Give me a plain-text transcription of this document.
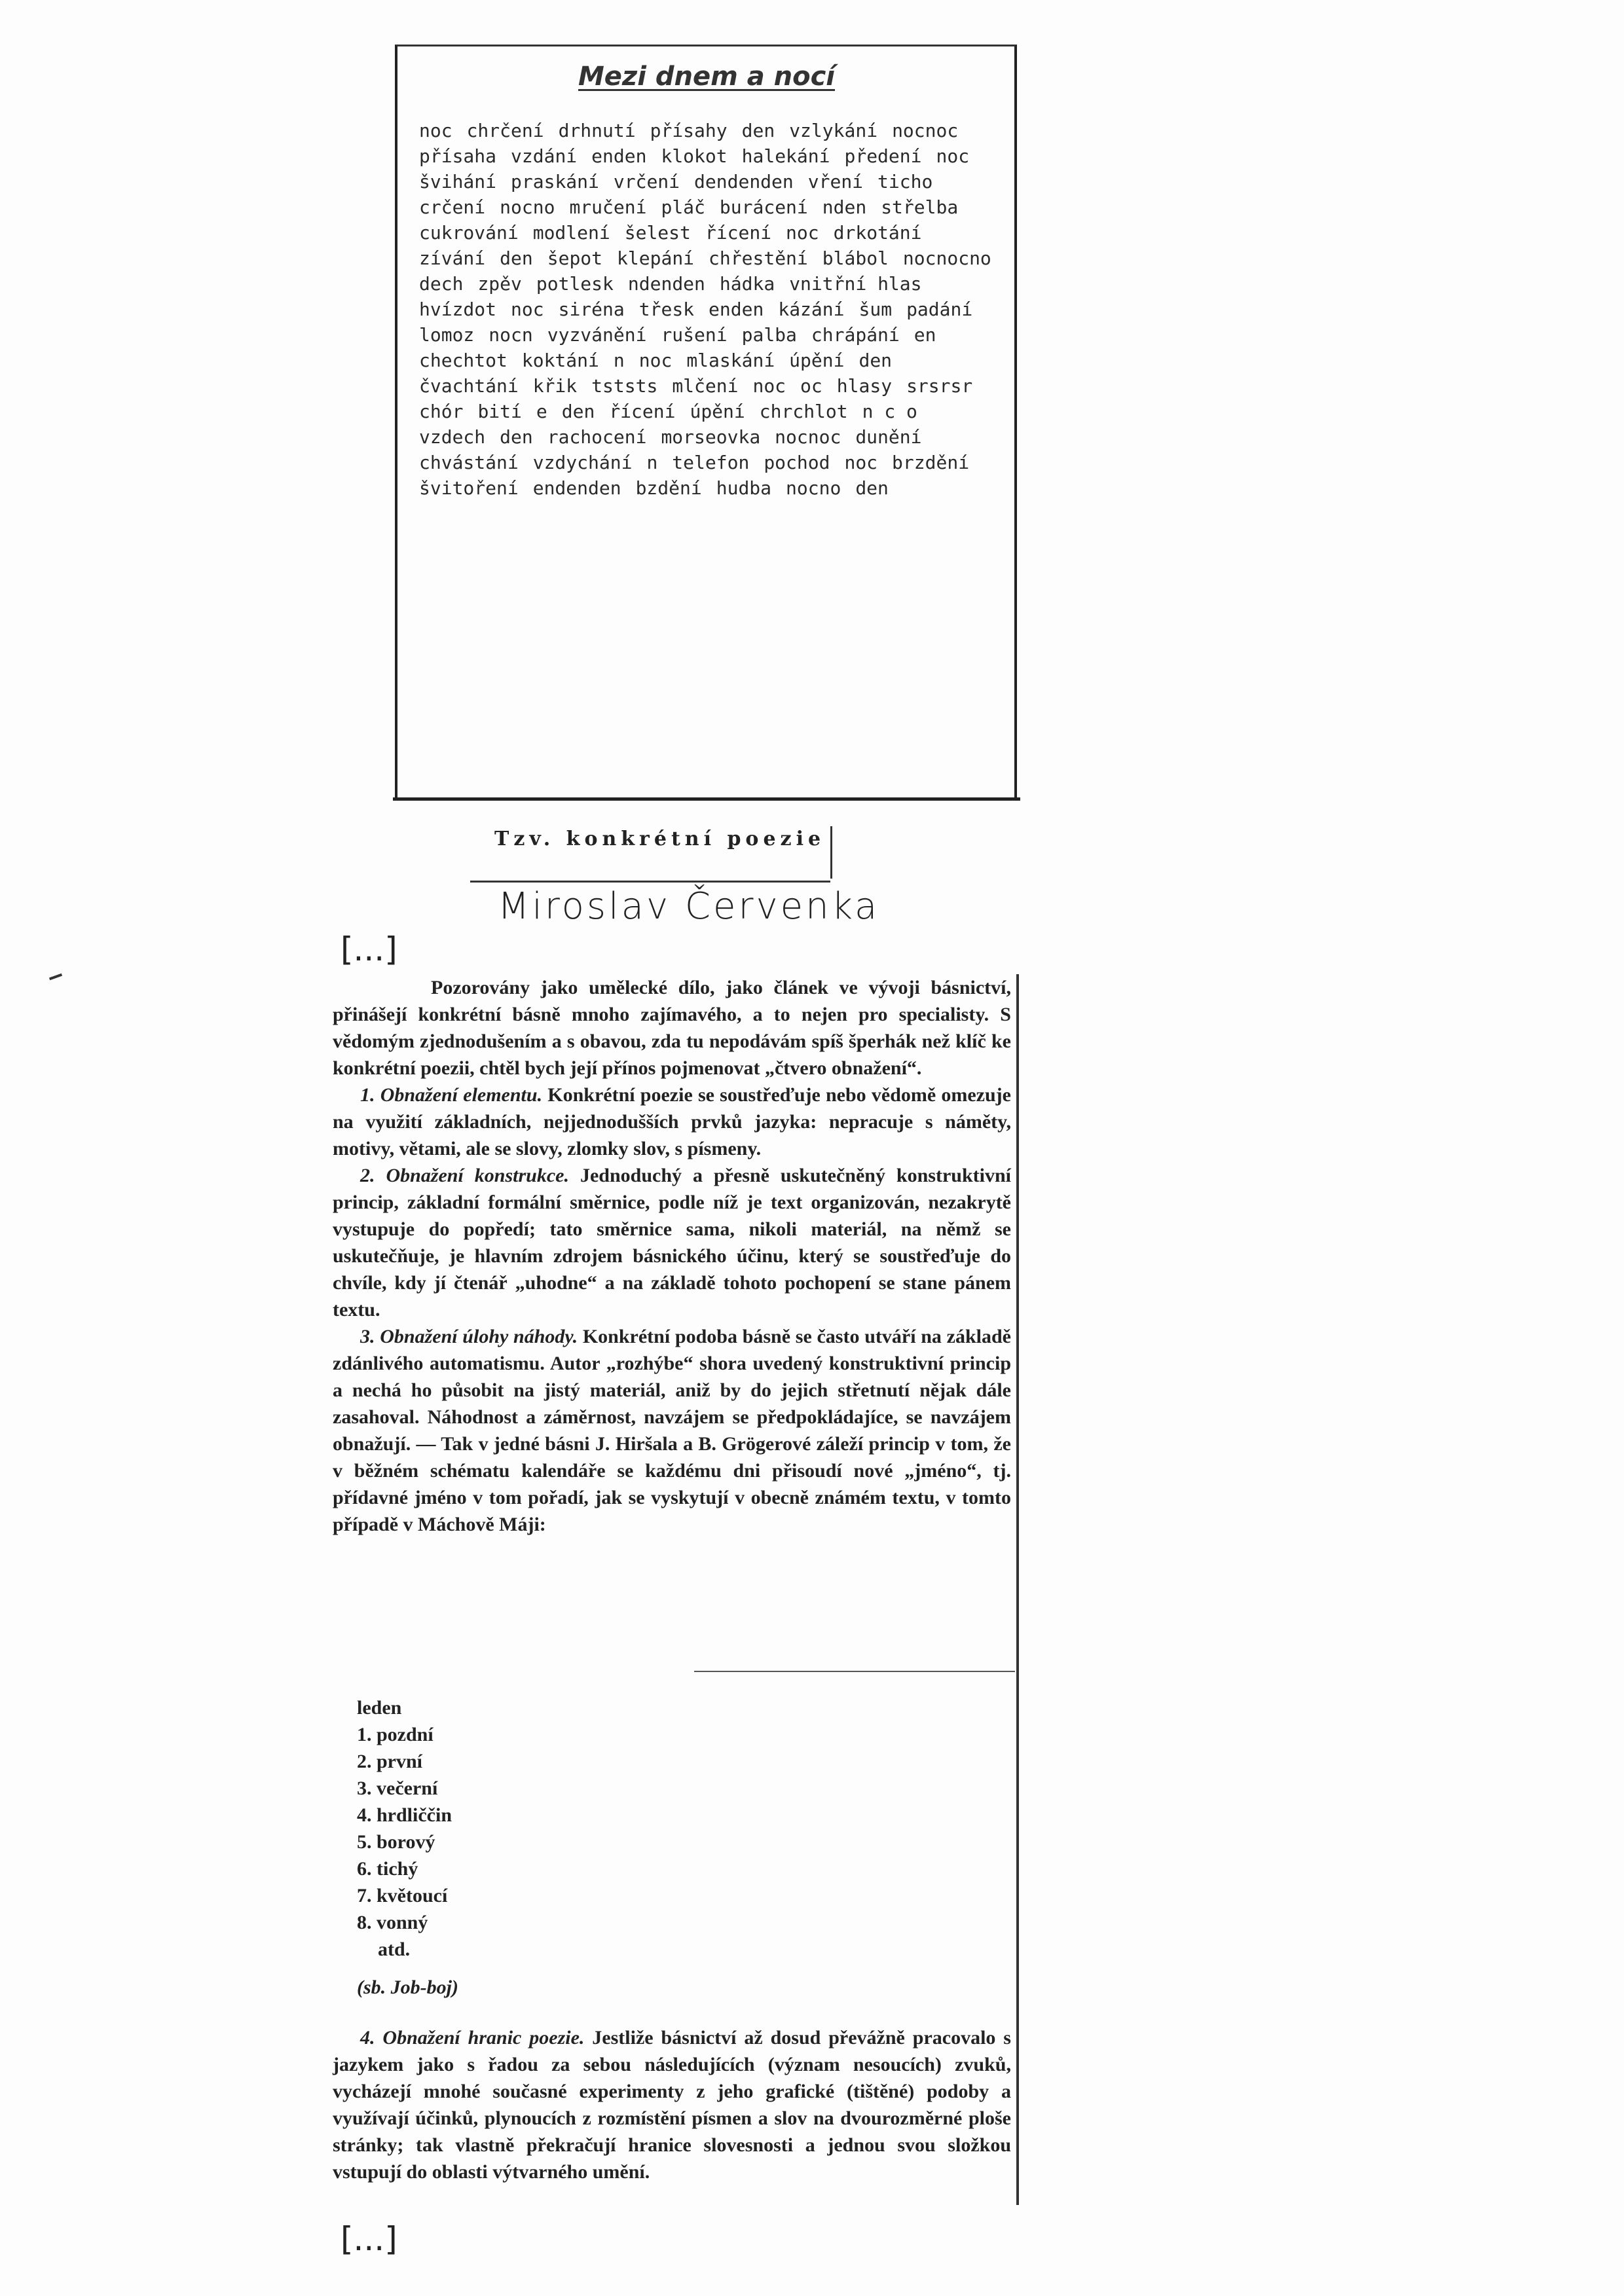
Mezi dnem a nocí
noc chrčení drhnutí přísahy den vzlykání nocnoc
přísaha vzdání enden klokot halekání předení noc
švihání praskání vrčení dendenden vření ticho
crčení nocno mručení pláč burácení nden střelba
cukrování modlení šelest řícení noc drkotání
zívání den šepot klepání chřestění blábol nocnocno
dech zpěv potlesk ndenden hádka vnitřní hlas
hvízdot noc siréna třesk enden kázání šum padání
lomoz nocn vyzvánění rušení palba chrápání en
chechtot koktání n noc mlaskání úpění den
čvachtání křik tststs mlčení noc oc hlasy srsrsr
chór bití e den řícení úpění chrchlot n c o
vzdech den rachocení morseovka nocnoc dunění
chvástání vzdychání n telefon pochod noc brzdění
švitoření endenden bzdění hudba nocno den
Tzv. konkrétní poezie
Miroslav Červenka
[...]

Pozorovány jako umělecké dílo, jako článek ve vývoji básnictví, přinášejí konkrétní básně mnoho zajímavého, a to nejen pro specialisty. S vědomým zjednodušením a s obavou, zda tu nepodávám spíš šperhák než klíč ke konkrétní poezii, chtěl bych její přínos pojmenovat „čtvero obnažení“.

1. Obnažení elementu. Konkrétní poezie se soustřeďuje nebo vědomě omezuje na využití základních, nejjednodušších prvků jazyka: nepracuje s náměty, motivy, větami, ale se slovy, zlomky slov, s písmeny.

2. Obnažení konstrukce. Jednoduchý a přesně uskutečněný konstruktivní princip, základní formální směrnice, podle níž je text organizován, nezakrytě vystupuje do popředí; tato směrnice sama, nikoli materiál, na němž se uskutečňuje, je hlavním zdrojem básnického účinu, který se soustřeďuje do chvíle, kdy jí čtenář „uhodne“ a na základě tohoto pochopení se stane pánem textu.

3. Obnažení úlohy náhody. Konkrétní podoba básně se často utváří na základě zdánlivého automatismu. Autor „rozhýbe“ shora uvedený konstruktivní princip a nechá ho působit na jistý materiál, aniž by do jejich střetnutí nějak dále zasahoval. Náhodnost a záměrnost, navzájem se předpokládajíce, se navzájem obnažují. — Tak v jedné básni J. Hiršala a B. Grögerové záleží princip v tom, že v běžném schématu kalendáře se každému dni přisoudí nové „jméno“, tj. přídavné jméno v tom pořadí, jak se vyskytují v obecně známém textu, v tomto případě v Máchově Máji:

leden
1. pozdní
2. první
3. večerní
4. hrdliččin
5. borový
6. tichý
7. květoucí
8. vonný
atd.
(sb. Job-boj)

4. Obnažení hranic poezie. Jestliže básnictví až dosud převážně pracovalo s jazykem jako s řadou za sebou následujících (význam nesoucích) zvuků, vycházejí mnohé současné experimenty z jeho grafické (tištěné) podoby a využívají účinků, plynoucích z rozmístění písmen a slov na dvourozměrné ploše stránky; tak vlastně překračují hranice slovesnosti a jednou svou složkou vstupují do oblasti výtvarného umění.

[...]
